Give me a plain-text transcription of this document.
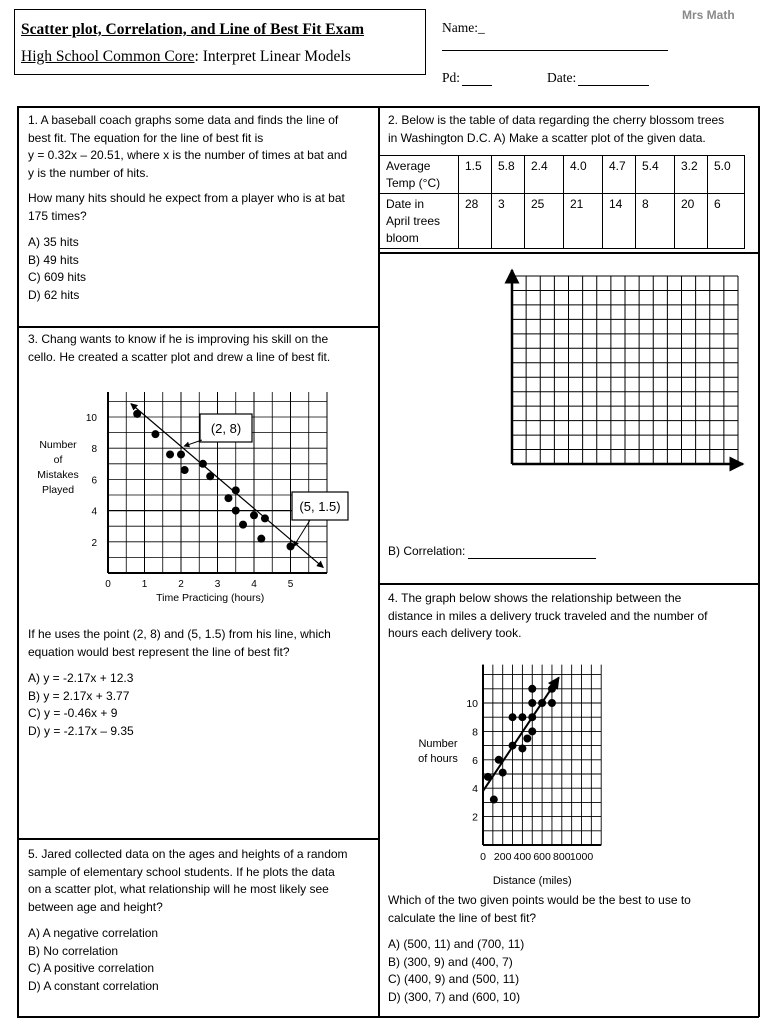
Mrs Math
Scatter plot, Correlation, and Line of Best Fit Exam
High School Common Core: Interpret Linear Models
Name:_
Pd:	Date:

1. A baseball coach graphs some data and finds the line of

best fit. The equation for the line of best fit is

y = 0.32x – 20.51, where x is the number of times at bat and

y is the number of hits.

How many hits should he expect from a player who is at bat

175 times?

A) 35 hits
B) 49 hits
C) 609 hits
D) 62 hits

2. Below is the table of data regarding the cherry blossom trees

in Washington D.C. A) Make a scatter plot of the given data.

Average
Temp (°C)	1.5	5.8	2.4	4.0	4.7	5.4	3.2	5.0

Date in
April trees
bloom	28	3	25	21	14	8	20	6
B) Correlation:

3. Chang wants to know if he is improving his skill on the

cello. He created a scatter plot and drew a line of best fit.

0	1	2	3	4	5
2
4
6
8
10
(2, 8)
(5, 1.5)
Number
of
Mistakes
Played
Time Practicing (hours)

If he uses the point (2, 8) and (5, 1.5) from his line, which

equation would best represent the line of best fit?

A) y = -2.17x + 12.3
B) y = 2.17x + 3.77
C) y = -0.46x + 9
D) y = -2.17x – 9.35

4. The graph below shows the relationship between the

distance in miles a delivery truck traveled and the number of

hours each delivery took.

0 200 400 600 800 1000
2
4
6
8
10
Number
of hours
Distance (miles)

Which of the two given points would be the best to use to

calculate the line of best fit?

A) (500, 11) and (700, 11)
B) (300, 9) and (400, 7)
C) (400, 9) and (500, 11)
D) (300, 7) and (600, 10)

5. Jared collected data on the ages and heights of a random

sample of elementary school students. If he plots the data

on a scatter plot, what relationship will he most likely see

between age and height?

A) A negative correlation
B) No correlation
C) A positive correlation
D) A constant correlation
